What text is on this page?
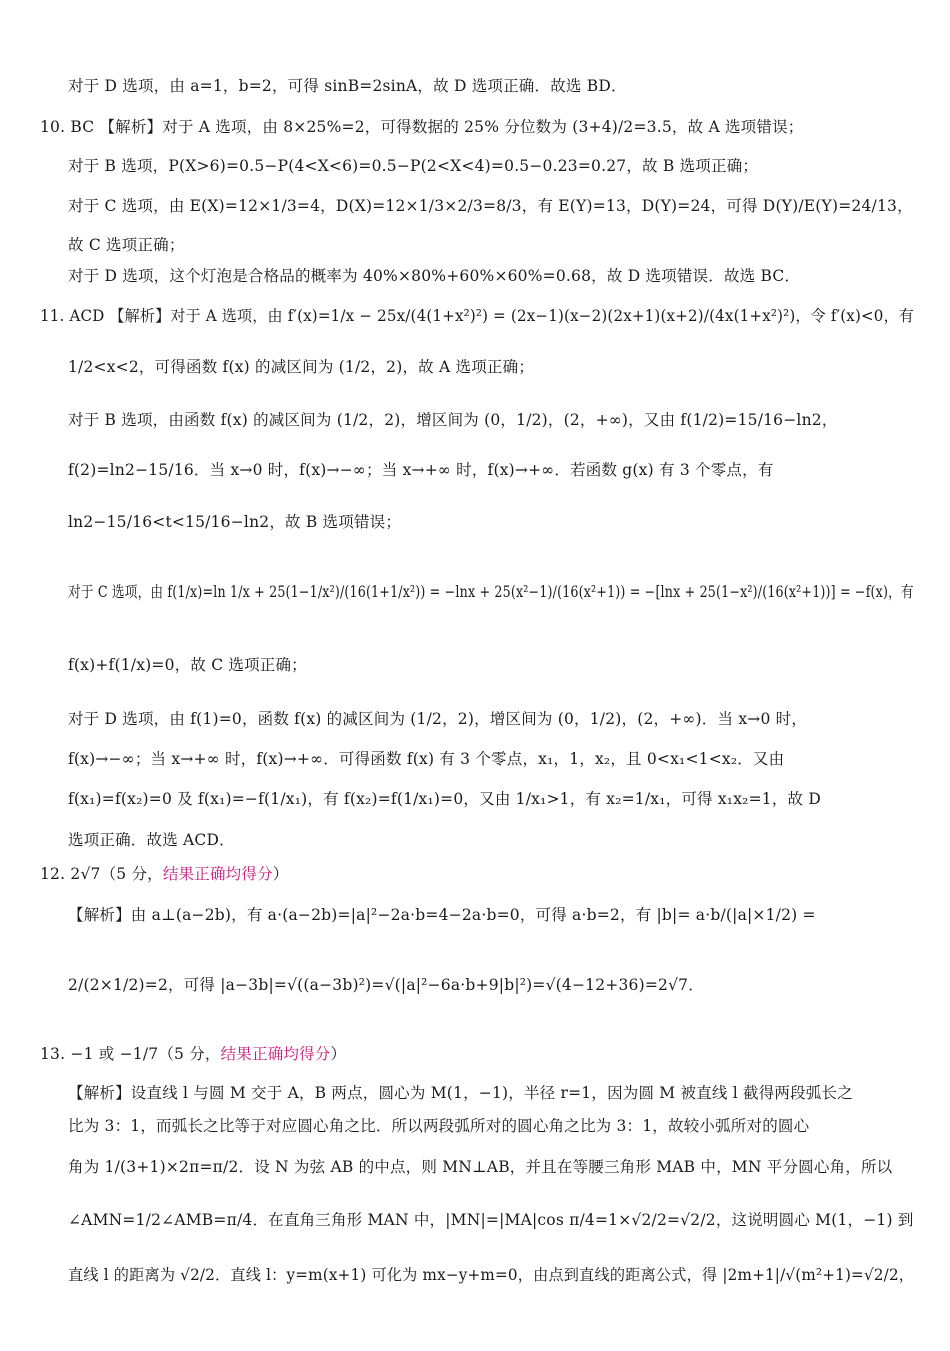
对于 D 选项，由 a=1，b=2，可得 sinB=2sinA，故 D 选项正确．故选 BD．
10. BC 【解析】对于 A 选项，由 8×25%=2，可得数据的 25% 分位数为 (3+4)/2=3.5，故 A 选项错误；
对于 B 选项，P(X>6)=0.5−P(4<X<6)=0.5−P(2<X<4)=0.5−0.23=0.27，故 B 选项正确；
对于 C 选项，由 E(X)=12×1/3=4，D(X)=12×1/3×2/3=8/3，有 E(Y)=13，D(Y)=24，可得 D(Y)/E(Y)=24/13，
故 C 选项正确；
对于 D 选项，这个灯泡是合格品的概率为 40%×80%+60%×60%=0.68，故 D 选项错误．故选 BC．
11. ACD 【解析】对于 A 选项，由 f′(x)=1/x − 25x/(4(1+x²)²) = (2x−1)(x−2)(2x+1)(x+2)/(4x(1+x²)²)，令 f′(x)<0，有
1/2<x<2，可得函数 f(x) 的减区间为 (1/2，2)，故 A 选项正确；
对于 B 选项，由函数 f(x) 的减区间为 (1/2，2)，增区间为 (0，1/2)，(2，+∞)，又由 f(1/2)=15/16−ln2，
f(2)=ln2−15/16．当 x→0 时，f(x)→−∞；当 x→+∞ 时，f(x)→+∞．若函数 g(x) 有 3 个零点，有
ln2−15/16<t<15/16−ln2，故 B 选项错误；
对于 C 选项，由 f(1/x)=ln 1/x + 25(1−1/x²)/(16(1+1/x²)) = −lnx + 25(x²−1)/(16(x²+1)) = −[lnx + 25(1−x²)/(16(x²+1))] = −f(x)，有
f(x)+f(1/x)=0，故 C 选项正确；
对于 D 选项，由 f(1)=0，函数 f(x) 的减区间为 (1/2，2)，增区间为 (0，1/2)，(2，+∞)．当 x→0 时，
f(x)→−∞；当 x→+∞ 时，f(x)→+∞．可得函数 f(x) 有 3 个零点，x₁，1，x₂，且 0<x₁<1<x₂．又由
f(x₁)=f(x₂)=0 及 f(x₁)=−f(1/x₁)，有 f(x₂)=f(1/x₁)=0，又由 1/x₁>1，有 x₂=1/x₁，可得 x₁x₂=1，故 D
选项正确．故选 ACD．
12. 2√7（5 分，结果正确均得分）
【解析】由 a⊥(a−2b)，有 a·(a−2b)=|a|²−2a·b=4−2a·b=0，可得 a·b=2，有 |b|= a·b/(|a|×1/2) =
2/(2×1/2)=2，可得 |a−3b|=√((a−3b)²)=√(|a|²−6a·b+9|b|²)=√(4−12+36)=2√7．
13. −1 或 −1/7（5 分，结果正确均得分）
【解析】设直线 l 与圆 M 交于 A，B 两点，圆心为 M(1，−1)，半径 r=1，因为圆 M 被直线 l 截得两段弧长之
比为 3：1，而弧长之比等于对应圆心角之比．所以两段弧所对的圆心角之比为 3：1，故较小弧所对的圆心
角为 1/(3+1)×2π=π/2．设 N 为弦 AB 的中点，则 MN⊥AB，并且在等腰三角形 MAB 中，MN 平分圆心角，所以
∠AMN=1/2∠AMB=π/4．在直角三角形 MAN 中，|MN|=|MA|cos π/4=1×√2/2=√2/2，这说明圆心 M(1，−1) 到
直线 l 的距离为 √2/2．直线 l：y=m(x+1) 可化为 mx−y+m=0，由点到直线的距离公式，得 |2m+1|/√(m²+1)=√2/2，
